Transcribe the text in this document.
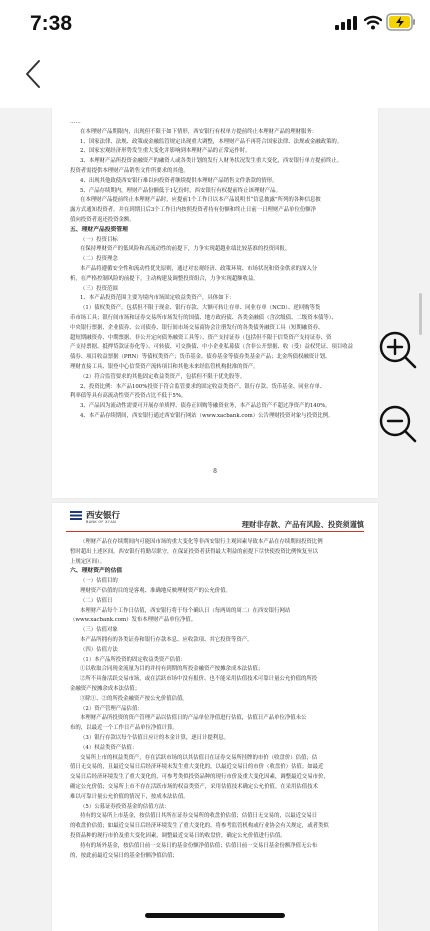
7:38
……
在本理财产品期限内，出现但不限于如下情形，西安银行有权单方提前终止本理财产品的理财服务：
1、国家法律、法规、政策或金融监管规定出现重大调整，本理财产品不再符合国家法律、法规或金融政策的。
2、国家宏观经济形势发生重大变化并影响到本理财产品的正常运作时。
3、本理财产品所投资金融资产的融资人或各类计划的发行人财务状况发生重大变化，西安银行单方提前终止。
投资者需提供本理财产品销售文件所要求的其他。
4、出现其他致使西安银行难以向投资者继续提供本理财产品销售文件条款的情形。
5、产品存续期内，理财产品份额低于1亿份时，西安银行有权提前终止该理财产品。
在本理财产品提前终止本理财产品时，应提前1个工作日以本产品说明书“信息披露”所列的各种信息披
露方式通知投资者，并在到期日后3个工作日内按照投资者持有份额和终止日前一日理财产品单位份额净
值向投资者返还投资金额。
五、理财产品投资管理
（一）投资目标
在保持理财资产的低风险和高流动性的前提下，力争实现超越业绩比较基准的投资回报。
（二）投资理念
本产品将遵循安全性和流动性优先原则，通过对宏观经济、政策环境、市场状况和资金供求的深入分
析，在严格控制风险的前提下，主动构建及调整投资组合，力争实现超额收益。
（三）投资范围
1、本产品投资范围主要为境内市场固定收益类资产，具体如下：
（1）债权类资产，包括但不限于现金、银行存款、大额可转让存单、同业存单（NCD）、逆回购等货
币市场工具；银行间市场和证券交易所市场发行的国债、地方政府债、各类金融债（含次级债、二级资本债等）、
中央银行票据、企业债券、公司债券、银行间市场交易商协会注册发行的各类债务融资工具（短期融资券、
超短期融资券、中期票据、非公开定向债务融资工具等）、资产支持证券（包括但不限于信贷资产支持证券、资
产支持票据、抵押贷款证券化等）、可转债、可交换债、中小企业私募债（含非公开票据、收（受）益权凭证、项目收益
债券、项目收益票据（PRN）等债权类资产；货币基金、债券基金等债券类基金产品；北金所债权融资计划、
理财直接工具、银登中心信贷资产流转项目和其他未来经监管机构批准的资产。
（2）符合监管要求的其他固定收益类资产，包括但不限于优先股等。
2、投资比例：本产品100%投资于符合监管要求的固定收益类资产、银行存款、货币基金、同业存单、
利率债等具有高流动性资产投资占比不低于5%。
3、产品因为流动性需要可开展存单质押、债券正回购等融资业务，本产品总资产不超过净资产的140%。
4、本产品存续期间，西安银行通过西安银行网站（www.xacbank.com）公告理财投资对象与投资比例。
8
西安银行
BANK OF XI'AN	理财非存款、产品有风险、投资须谨慎
（理财产品在存续期间内可能因市场的重大变化等非西安银行主观因素导致本产品在存续期间投资比例
暂时超出上述区间，西安银行将勤尽职守，在保证投资者获得最大利益的前提下尽快使投资比例恢复至以
上规定区间）。
六、理财资产的估值
（一）估值目的
理财资产估值的目的是客观、准确地反映理财资产的公允价值。
（二）估值日
本理财产品每个工作日估值，西安银行将于每个确认日（每两周的周二）在西安银行网站
（www.xacbank.com）发布本理财产品单位净值。
（三）估值对象
本产品所拥有的各类证券和银行存款本息、应收款项、其它投资等资产。
（四）估值方法
（1）本产品所投资的固定收益类资产估值：
①以收取合同现金流量为目的并持有到期的所投金融资产按摊余成本法估值；
②所不具备活跃交易市场，或在活跃市场中没有报价、也不能采用估值技术可靠计量公允价值的所投
金融资产按摊余成本法估值；
③除①、②的所投金融资产按公允价值估值。
（2）资产管理产品估值：
本理财产品所投资的资产管理产品以估值日的产品单位净值进行估值，估值日产品单位净值未公
布的，以最近一个工作日产品单位净值计算。
（3）银行存款以每个估值日应计的本金计算，逐日计提利息。
（4）权益类资产估值：
交易所上市的权益类资产，存在活跃市场的以其估值日在证券交易所挂牌的市价（收盘价）估值；估
值日无交易的，且最近交易日后经济环境未发生重大变化的，以最近交易日的市价（收盘价）估值；如最近
交易日后经济环境发生了重大变化的，可参考类似投资品种的现行市价及重大变化因素，调整最近交易市价，
确定公允价值；交易所上市不存在活跃市场的权益类资产，采用估值技术确定公允价值。在采用估值技术
难以可靠计量公允价值的情况下，按成本法估值。
（5）公募证券投资基金的估值方法：
持有的交易所上市基金，按估值日其所在证券交易所的收盘价估值；估值日无交易的，以最近交易日
的收盘价估值；如最近交易日后经济环境发生了重大变化的，将参考监管机构或行业协会有关规定，或者类似
投资品种的现行市价及重大变化因素，调整最近交易日的收盘价，确定公允价值进行估值。
持有的场外基金，按估值日前一交易日的基金份额净值估值；估值日前一交易日基金份额净值无公布
的，按此前最近交易日的基金份额净值估值；
